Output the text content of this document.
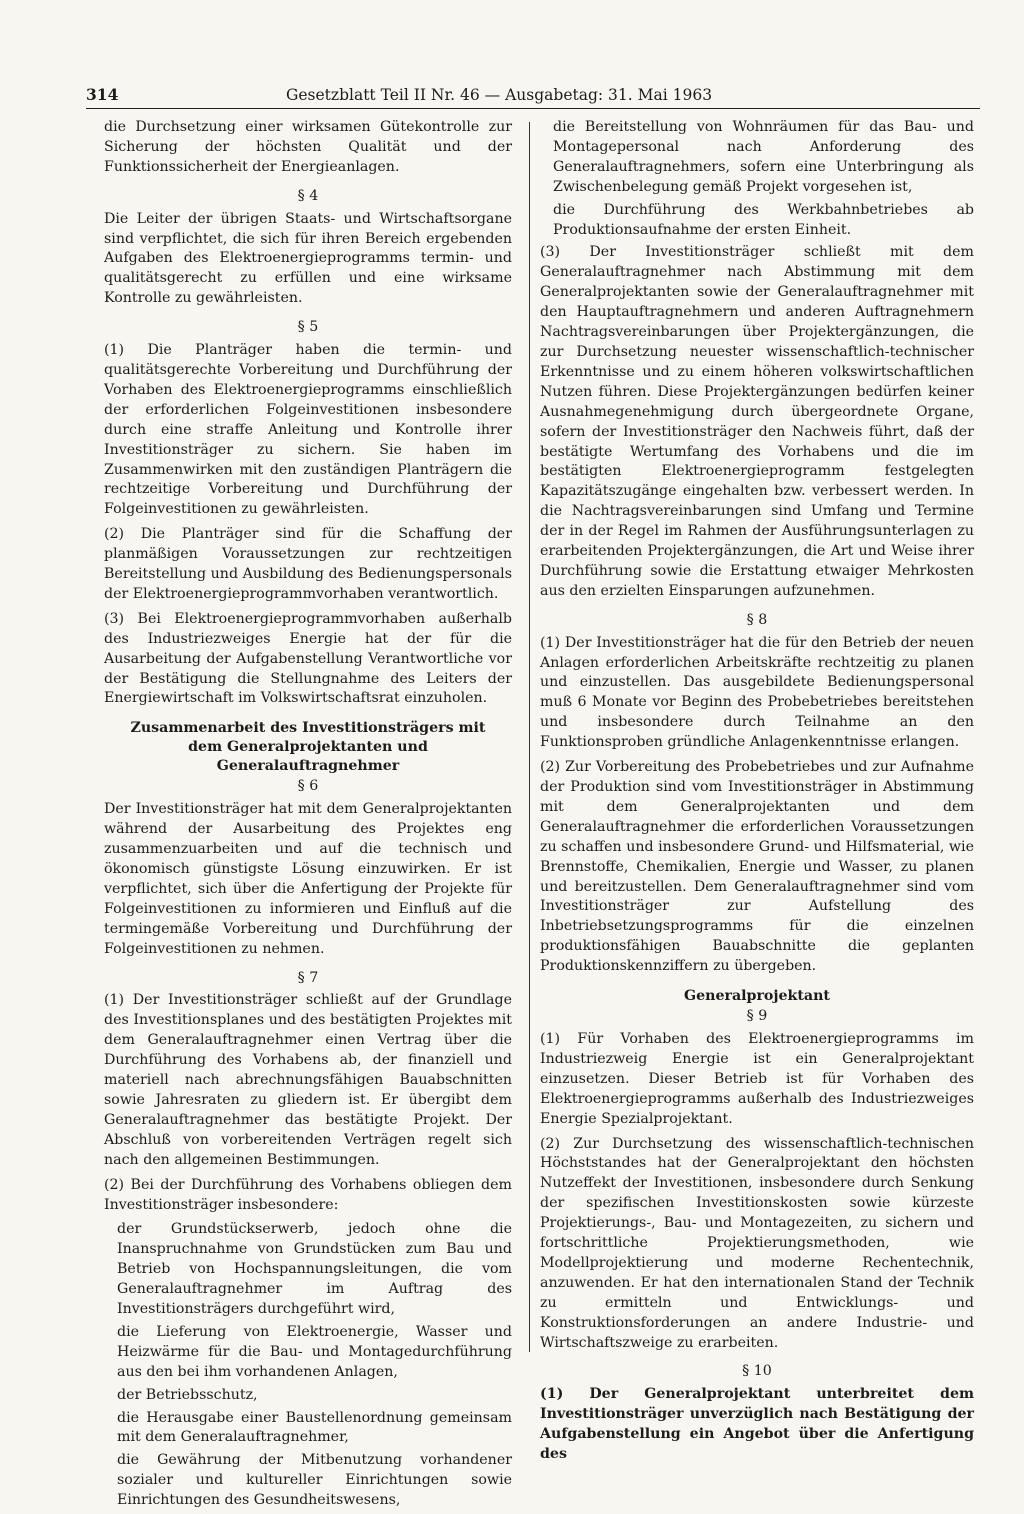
314	Gesetzblatt Teil II Nr. 46 — Ausgabetag: 31. Mai 1963

die Durchsetzung einer wirksamen Gütekontrolle zur Sicherung der höchsten Qualität und der Funktionssicherheit der Energieanlagen.

§ 4

Die Leiter der übrigen Staats- und Wirtschaftsorgane sind verpflichtet, die sich für ihren Bereich ergebenden Aufgaben des Elektroenergieprogramms termin- und qualitätsgerecht zu erfüllen und eine wirksame Kontrolle zu gewährleisten.

§ 5

(1) Die Planträger haben die termin- und qualitätsgerechte Vorbereitung und Durchführung der Vorhaben des Elektroenergieprogramms einschließlich der erforderlichen Folgeinvestitionen insbesondere durch eine straffe Anleitung und Kontrolle ihrer Investitionsträger zu sichern. Sie haben im Zusammenwirken mit den zuständigen Planträgern die rechtzeitige Vorbereitung und Durchführung der Folgeinvestitionen zu gewährleisten.

(2) Die Planträger sind für die Schaffung der planmäßigen Voraussetzungen zur rechtzeitigen Bereitstellung und Ausbildung des Bedienungspersonals der Elektroenergieprogrammvorhaben verantwortlich.

(3) Bei Elektroenergieprogrammvorhaben außerhalb des Industriezweiges Energie hat der für die Ausarbeitung der Aufgabenstellung Verantwortliche vor der Bestätigung die Stellungnahme des Leiters der Energiewirtschaft im Volkswirtschaftsrat einzuholen.

Zusammenarbeit des Investitionsträgers mit
dem Generalprojektanten und Generalauftragnehmer
§ 6

Der Investitionsträger hat mit dem Generalprojektanten während der Ausarbeitung des Projektes eng zusammenzuarbeiten und auf die technisch und ökonomisch günstigste Lösung einzuwirken. Er ist verpflichtet, sich über die Anfertigung der Projekte für Folgeinvestitionen zu informieren und Einfluß auf die termingemäße Vorbereitung und Durchführung der Folgeinvestitionen zu nehmen.

§ 7

(1) Der Investitionsträger schließt auf der Grundlage des Investitionsplanes und des bestätigten Projektes mit dem Generalauftragnehmer einen Vertrag über die Durchführung des Vorhabens ab, der finanziell und materiell nach abrechnungsfähigen Bauabschnitten sowie Jahresraten zu gliedern ist. Er übergibt dem Generalauftragnehmer das bestätigte Projekt. Der Abschluß von vorbereitenden Verträgen regelt sich nach den allgemeinen Bestimmungen.

(2) Bei der Durchführung des Vorhabens obliegen dem Investitionsträger insbesondere:

der Grundstückserwerb, jedoch ohne die Inanspruchnahme von Grundstücken zum Bau und Betrieb von Hochspannungsleitungen, die vom Generalauftragnehmer im Auftrag des Investitionsträgers durchgeführt wird,

die Lieferung von Elektroenergie, Wasser und Heizwärme für die Bau- und Montagedurchführung aus den bei ihm vorhandenen Anlagen,

der Betriebsschutz,

die Herausgabe einer Baustellenordnung gemeinsam mit dem Generalauftragnehmer,

die Gewährung der Mitbenutzung vorhandener sozialer und kultureller Einrichtungen sowie Einrichtungen des Gesundheitswesens,

die Bereitstellung von Wohnräumen für das Bau- und Montagepersonal nach Anforderung des Generalauftragnehmers, sofern eine Unterbringung als Zwischenbelegung gemäß Projekt vorgesehen ist,

die Durchführung des Werkbahnbetriebes ab Produktionsaufnahme der ersten Einheit.

(3) Der Investitionsträger schließt mit dem Generalauftragnehmer nach Abstimmung mit dem Generalprojektanten sowie der Generalauftragnehmer mit den Hauptauftragnehmern und anderen Auftragnehmern Nachtragsvereinbarungen über Projektergänzungen, die zur Durchsetzung neuester wissenschaftlich-technischer Erkenntnisse und zu einem höheren volkswirtschaftlichen Nutzen führen. Diese Projektergänzungen bedürfen keiner Ausnahmegenehmigung durch übergeordnete Organe, sofern der Investitionsträger den Nachweis führt, daß der bestätigte Wertumfang des Vorhabens und die im bestätigten Elektroenergieprogramm festgelegten Kapazitätszugänge eingehalten bzw. verbessert werden. In die Nachtragsvereinbarungen sind Umfang und Termine der in der Regel im Rahmen der Ausführungsunterlagen zu erarbeitenden Projektergänzungen, die Art und Weise ihrer Durchführung sowie die Erstattung etwaiger Mehrkosten aus den erzielten Einsparungen aufzunehmen.

§ 8

(1) Der Investitionsträger hat die für den Betrieb der neuen Anlagen erforderlichen Arbeitskräfte rechtzeitig zu planen und einzustellen. Das ausgebildete Bedienungspersonal muß 6 Monate vor Beginn des Probebetriebes bereitstehen und insbesondere durch Teilnahme an den Funktionsproben gründliche Anlagenkenntnisse erlangen.

(2) Zur Vorbereitung des Probebetriebes und zur Aufnahme der Produktion sind vom Investitionsträger in Abstimmung mit dem Generalprojektanten und dem Generalauftragnehmer die erforderlichen Voraussetzungen zu schaffen und insbesondere Grund- und Hilfsmaterial, wie Brennstoffe, Chemikalien, Energie und Wasser, zu planen und bereitzustellen. Dem Generalauftragnehmer sind vom Investitionsträger zur Aufstellung des Inbetriebsetzungsprogramms für die einzelnen produktionsfähigen Bauabschnitte die geplanten Produktionskennziffern zu übergeben.

Generalprojektant
§ 9

(1) Für Vorhaben des Elektroenergieprogramms im Industriezweig Energie ist ein Generalprojektant einzusetzen. Dieser Betrieb ist für Vorhaben des Elektroenergieprogramms außerhalb des Industriezweiges Energie Spezialprojektant.

(2) Zur Durchsetzung des wissenschaftlich-technischen Höchststandes hat der Generalprojektant den höchsten Nutzeffekt der Investitionen, insbesondere durch Senkung der spezifischen Investitionskosten sowie kürzeste Projektierungs-, Bau- und Montagezeiten, zu sichern und fortschrittliche Projektierungsmethoden, wie Modellprojektierung und moderne Rechentechnik, anzuwenden. Er hat den internationalen Stand der Technik zu ermitteln und Entwicklungs- und Konstruktionsforderungen an andere Industrie- und Wirtschaftszweige zu erarbeiten.

§ 10

(1) Der Generalprojektant unterbreitet dem Investitionsträger unverzüglich nach Bestätigung der Aufgabenstellung ein Angebot über die Anfertigung des
